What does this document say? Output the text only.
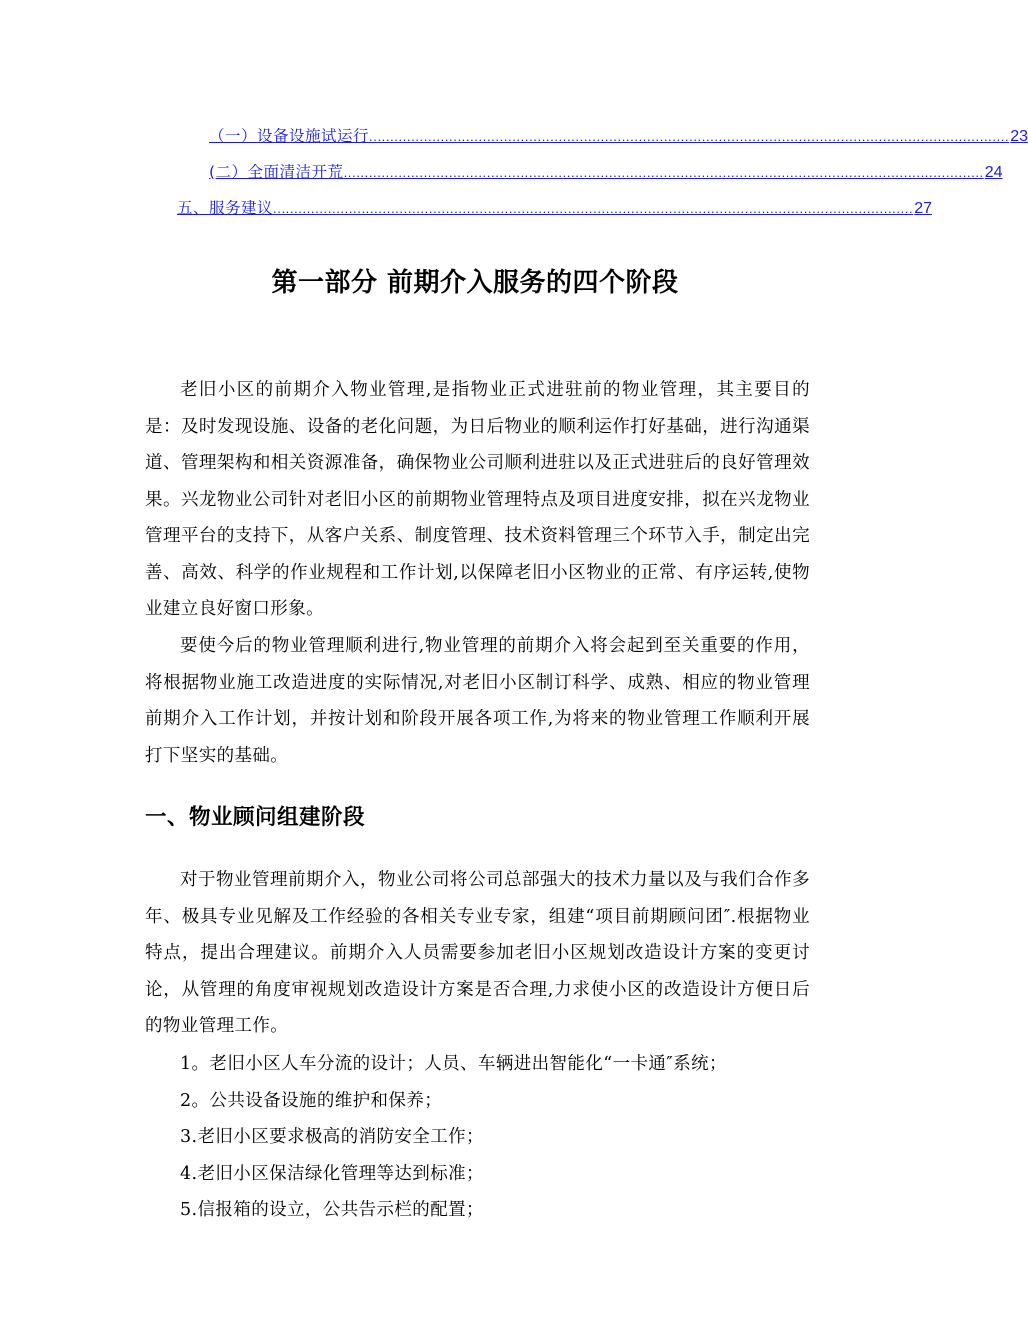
（一）设备设施试运行 ........................................................................................................................................................ 23
(二）全面清洁开荒 ........................................................................................................................................................ 24
五、服务建议 ........................................................................................................................................................ 27
第一部分 前期介入服务的四个阶段

老旧小区的前期介入物业管理,是指物业正式进驻前的物业管理，其主要目的是：及时发现设施、设备的老化问题，为日后物业的顺利运作打好基础，进行沟通渠道、管理架构和相关资源准备，确保物业公司顺利进驻以及正式进驻后的良好管理效果。兴龙物业公司针对老旧小区的前期物业管理特点及项目进度安排，拟在兴龙物业管理平台的支持下，从客户关系、制度管理、技术资料管理三个环节入手，制定出完善、高效、科学的作业规程和工作计划,以保障老旧小区物业的正常、有序运转,使物业建立良好窗口形象。

要使今后的物业管理顺利进行,物业管理的前期介入将会起到至关重要的作用，将根据物业施工改造进度的实际情况,对老旧小区制订科学、成熟、相应的物业管理前期介入工作计划，并按计划和阶段开展各项工作,为将来的物业管理工作顺利开展打下坚实的基础。

一、物业顾问组建阶段

对于物业管理前期介入，物业公司将公司总部强大的技术力量以及与我们合作多年、极具专业见解及工作经验的各相关专业专家，组建“项目前期顾问团″.根据物业特点，提出合理建议。前期介入人员需要参加老旧小区规划改造设计方案的变更讨论，从管理的角度审视规划改造设计方案是否合理,力求使小区的改造设计方便日后的物业管理工作。

1。老旧小区人车分流的设计；人员、车辆进出智能化“一卡通″系统；
2。公共设备设施的维护和保养；
3.老旧小区要求极高的消防安全工作；
4.老旧小区保洁绿化管理等达到标准；
5.信报箱的设立，公共告示栏的配置；
